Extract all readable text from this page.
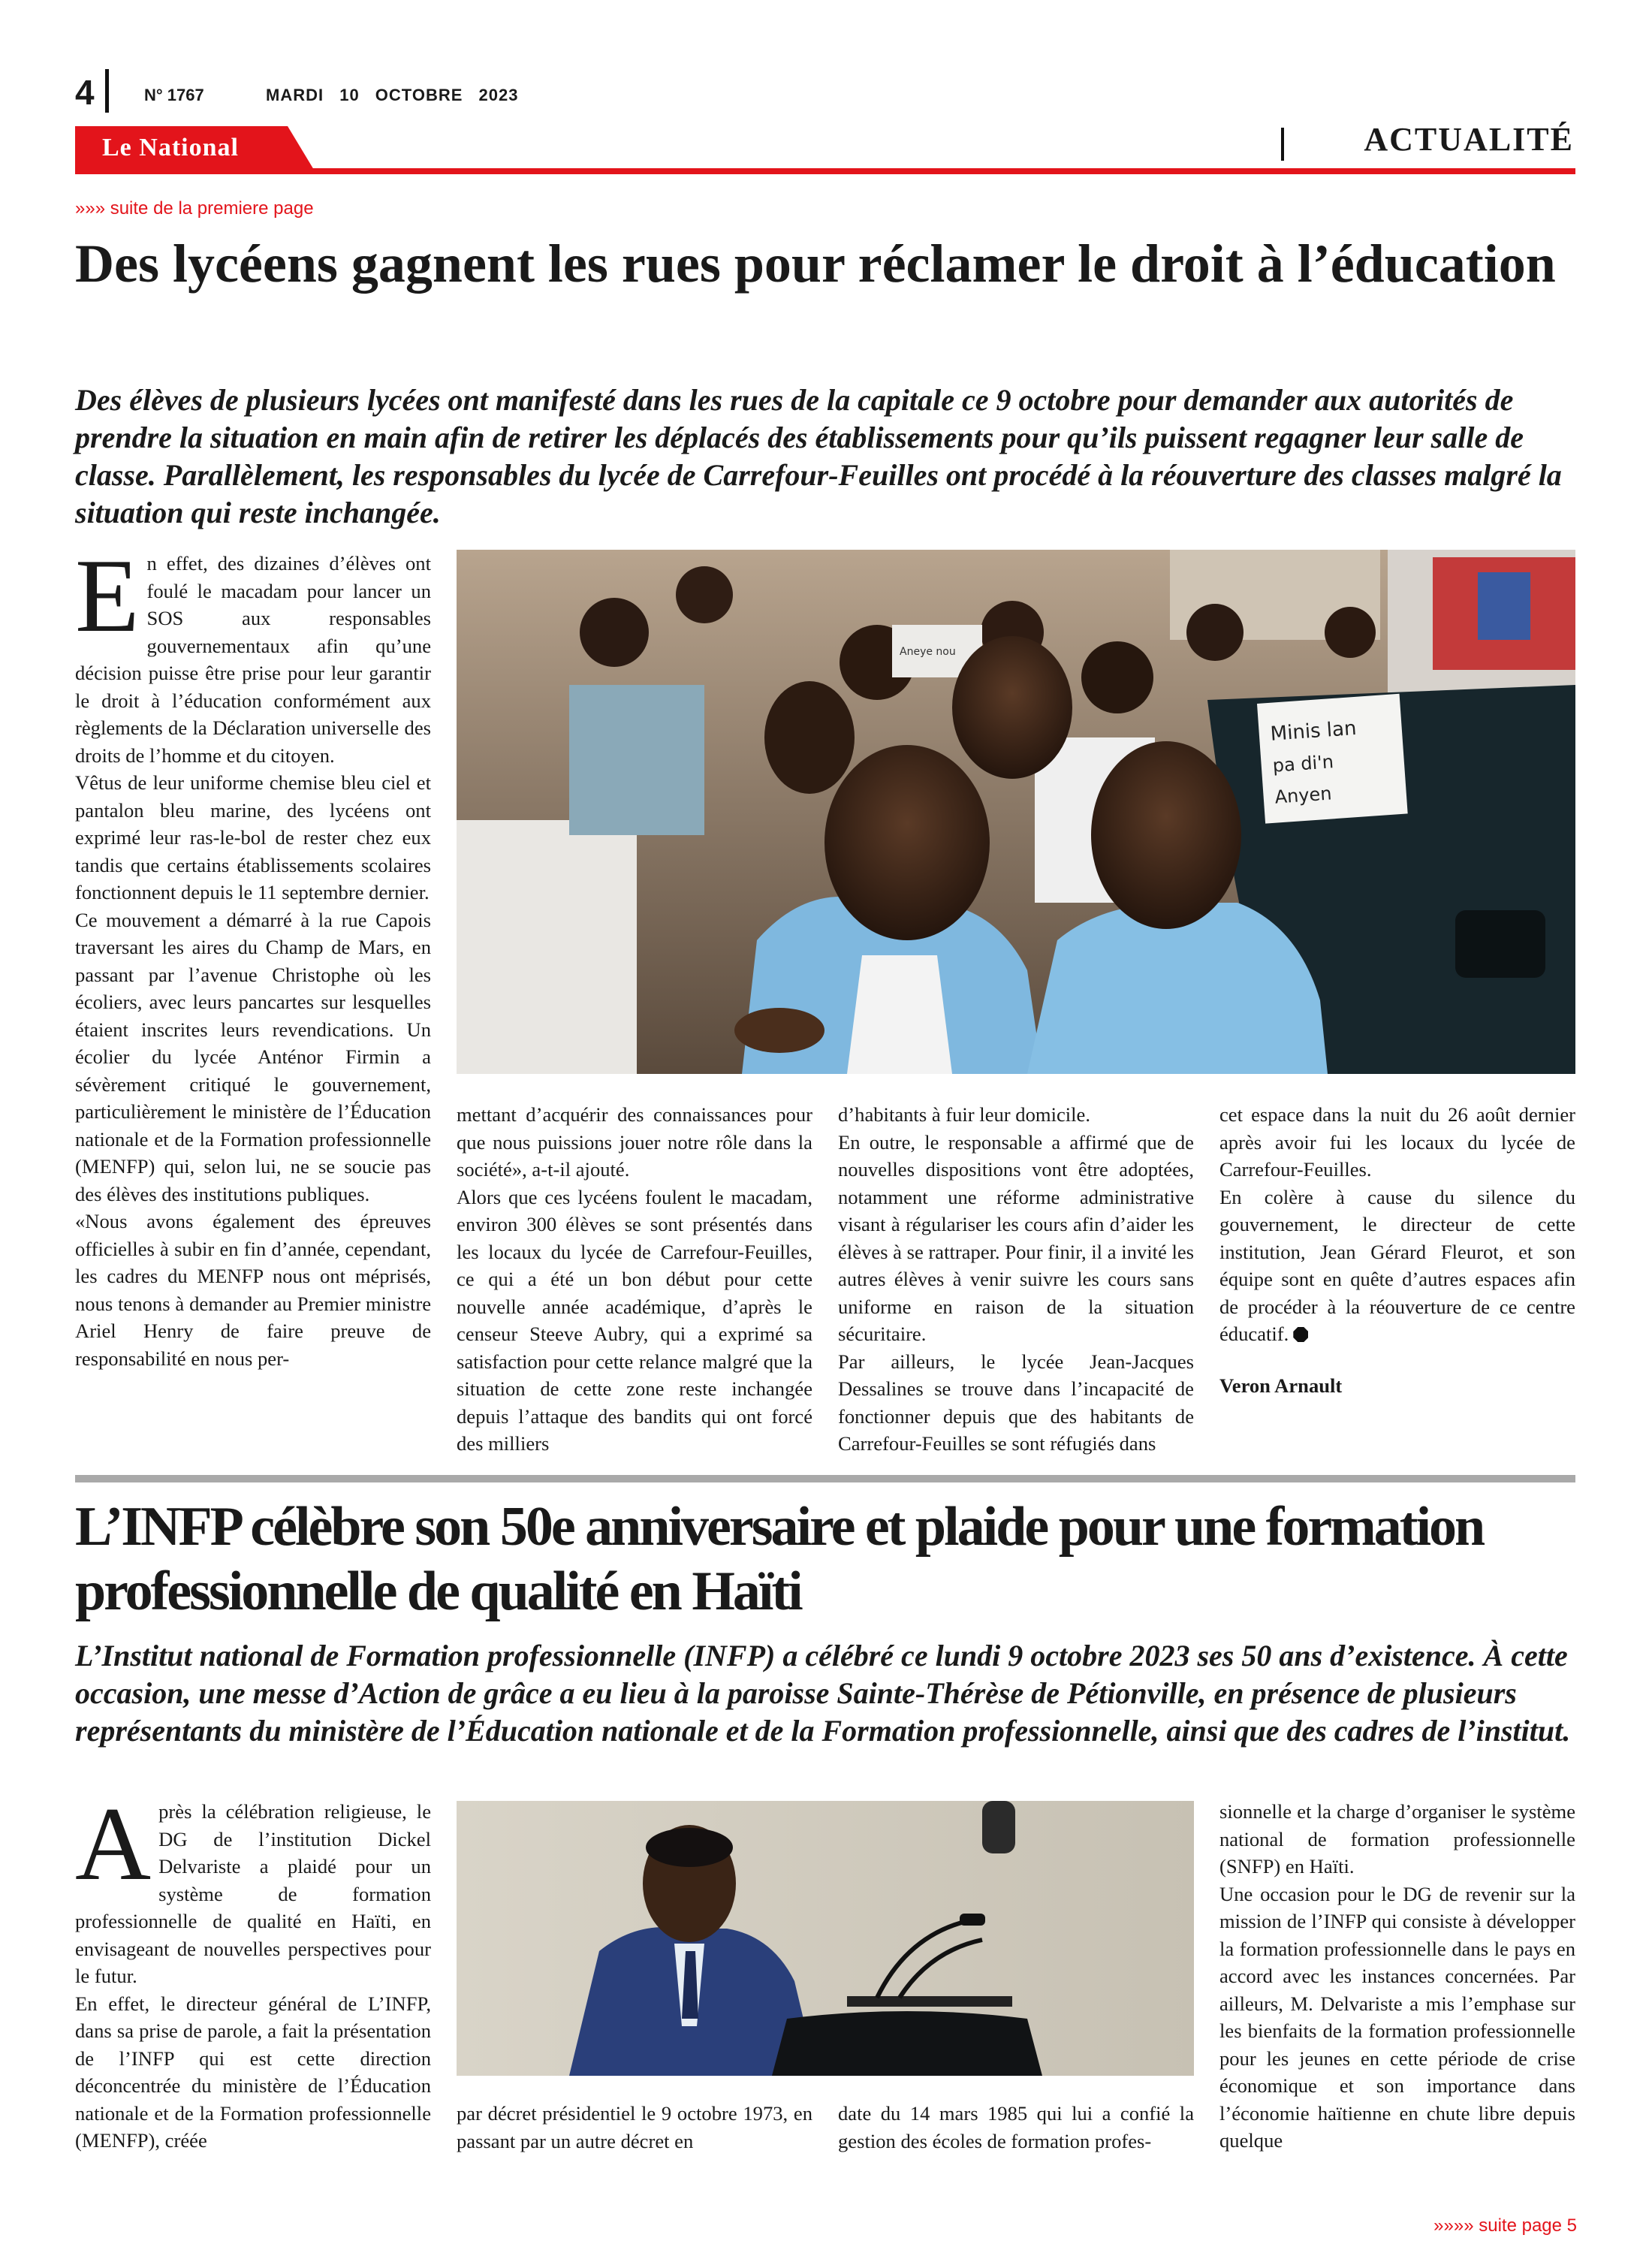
4	N° 1767	MARDI 10 OCTOBRE 2023
Le National	ACTUALITÉ
»»» suite de la premiere page
Des lycéens gagnent les rues pour réclamer le droit à l’éducation
Des élèves de plusieurs lycées ont manifesté dans les rues de la capitale ce 9 octobre pour demander aux autorités de prendre la situation en main afin de retirer les déplacés des établissements pour qu’ils puissent regagner leur salle de classe. Parallèlement, les responsables du lycée de Carrefour-Feuilles ont procédé à la réouverture des classes malgré la situation qui reste inchangée.
E n effet, des dizaines d’élèves ont foulé le macadam pour lancer un SOS aux responsables gouvernementaux afin qu’une décision puisse être prise pour leur garantir le droit à l’éducation conformément aux règlements de la Déclaration universelle des droits de l’homme et du citoyen.

Vêtus de leur uniforme chemise bleu ciel et pantalon bleu marine, des lycéens ont exprimé leur ras-le-bol de rester chez eux tandis que certains établissements scolaires fonctionnent depuis le 11 septembre dernier.

Ce mouvement a démarré à la rue Capois traversant les aires du Champ de Mars, en passant par l’avenue Christophe où les écoliers, avec leurs pancartes sur lesquelles étaient inscrites leurs revendications. Un écolier du lycée Anténor Firmin a sévèrement critiqué le gouvernement, particulièrement le ministère de l’Éducation nationale et de la Formation professionnelle (MENFP) qui, selon lui, ne se soucie pas des élèves des institutions publiques.

«Nous avons également des épreuves officielles à subir en fin d’année, cependant, les cadres du MENFP nous ont méprisés, nous tenons à demander au Premier ministre Ariel Henry de faire preuve de responsabilité en nous per-

Minis lan
pa di'n
Anyen
Aneye nou

mettant d’acquérir des connaissances pour que nous puissions jouer notre rôle dans la société», a-t-il ajouté.

Alors que ces lycéens foulent le macadam, environ 300 élèves se sont présentés dans les locaux du lycée de Carrefour-Feuilles, ce qui a été un bon début pour cette nouvelle année académique, d’après le censeur Steeve Aubry, qui a exprimé sa satisfaction pour cette relance malgré que la situation de cette zone reste inchangée depuis l’attaque des bandits qui ont forcé des milliers

d’habitants à fuir leur domicile.

En outre, le responsable a affirmé que de nouvelles dispositions vont être adoptées, notamment une réforme administrative visant à régulariser les cours afin d’aider les élèves à se rattraper. Pour finir, il a invité les autres élèves à venir suivre les cours sans uniforme en raison de la situation sécuritaire.

Par ailleurs, le lycée Jean-Jacques Dessalines se trouve dans l’incapacité de fonctionner depuis que des habitants de Carrefour-Feuilles se sont réfugiés dans

cet espace dans la nuit du 26 août dernier après avoir fui les locaux du lycée de Carrefour-Feuilles.

En colère à cause du silence du gouvernement, le directeur de cette institution, Jean Gérard Fleurot, et son équipe sont en quête d’autres espaces afin de procéder à la réouverture de ce centre éducatif.

Veron Arnault

L’INFP célèbre son 50e anniversaire et plaide pour une formation professionnelle de qualité en Haïti
L’Institut national de Formation professionnelle (INFP) a célébré ce lundi 9 octobre 2023 ses 50 ans d’existence. À cette occasion, une messe d’Action de grâce a eu lieu à la paroisse Sainte-Thérèse de Pétionville, en présence de plusieurs représentants du ministère de l’Éducation nationale et de la Formation professionnelle, ainsi que des cadres de l’institut.
A près la célébration religieuse, le DG de l’institution Dickel Delvariste a plaidé pour un système de formation professionnelle de qualité en Haïti, en envisageant de nouvelles perspectives pour le futur.

En effet, le directeur général de L’INFP, dans sa prise de parole, a fait la présentation de l’INFP qui est cette direction déconcentrée du ministère de l’Éducation nationale et de la Formation professionnelle (MENFP), créée

par décret présidentiel le 9 octobre 1973, en passant par un autre décret en

date du 14 mars 1985 qui lui a confié la gestion des écoles de formation profes-

sionnelle et la charge d’organiser le système national de formation professionnelle (SNFP) en Haïti.

Une occasion pour le DG de revenir sur la mission de l’INFP qui consiste à développer la formation professionnelle dans le pays en accord avec les instances concernées. Par ailleurs, M. Delvariste a mis l’emphase sur les bienfaits de la formation professionnelle pour les jeunes en cette période de crise économique et son importance dans l’économie haïtienne en chute libre depuis quelque

»»»» suite page 5
